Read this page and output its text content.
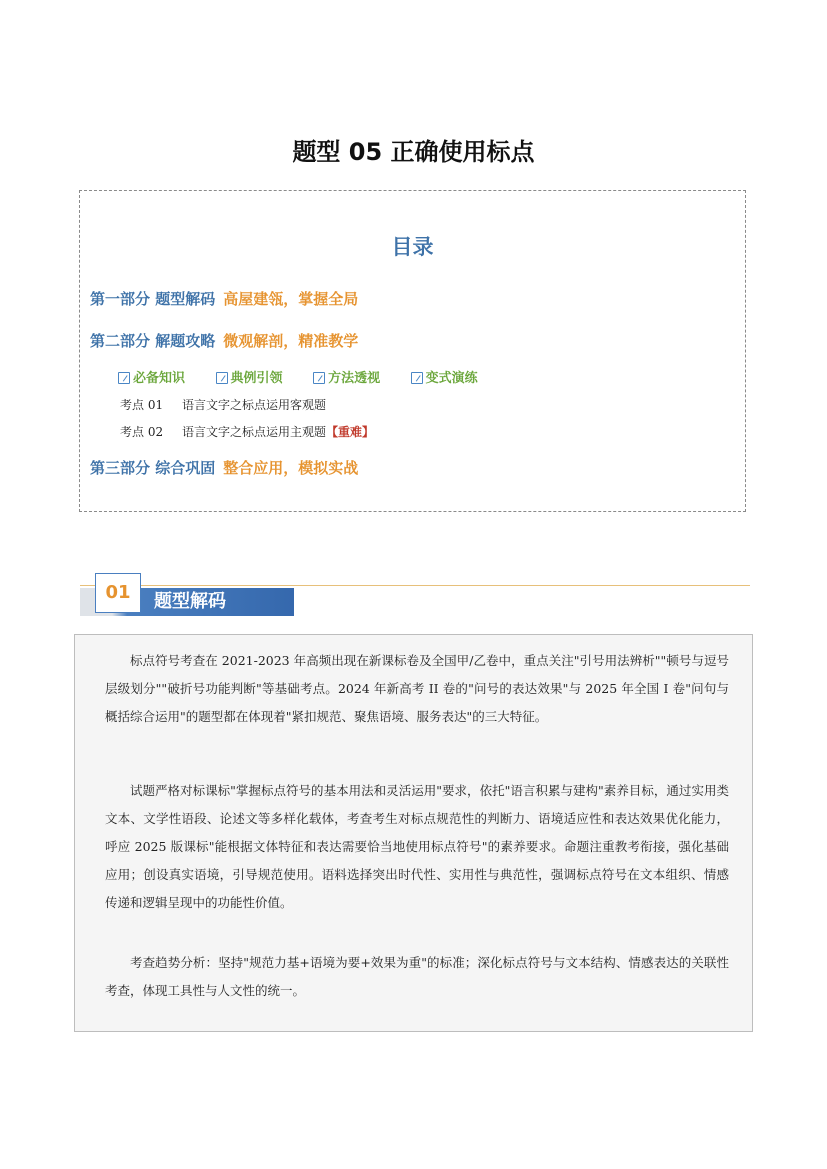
题型 05 正确使用标点
目录
第一部分 题型解码 高屋建瓴，掌握全局
第二部分 解题攻略 微观解剖，精准教学
必备知识	典例引领	方法透视	变式演练
考点 01 语言文字之标点运用客观题
考点 02 语言文字之标点运用主观题【重难】
第三部分 综合巩固 整合应用，模拟实战
01	题型解码

标点符号考查在 2021-2023 年高频出现在新课标卷及全国甲/乙卷中，重点关注"引号用法辨析""顿号与逗号层级划分""破折号功能判断"等基础考点。2024 年新高考 II 卷的"问号的表达效果"与 2025 年全国 I 卷"问句与概括综合运用"的题型都在体现着"紧扣规范、聚焦语境、服务表达"的三大特征。

试题严格对标课标"掌握标点符号的基本用法和灵活运用"要求，依托"语言积累与建构"素养目标，通过实用类文本、文学性语段、论述文等多样化载体，考查考生对标点规范性的判断力、语境适应性和表达效果优化能力，呼应 2025 版课标"能根据文体特征和表达需要恰当地使用标点符号"的素养要求。命题注重教考衔接，强化基础应用；创设真实语境，引导规范使用。语料选择突出时代性、实用性与典范性，强调标点符号在文本组织、情感传递和逻辑呈现中的功能性价值。

考查趋势分析：坚持"规范力基+语境为要+效果为重"的标准；深化标点符号与文本结构、情感表达的关联性考查，体现工具性与人文性的统一。
